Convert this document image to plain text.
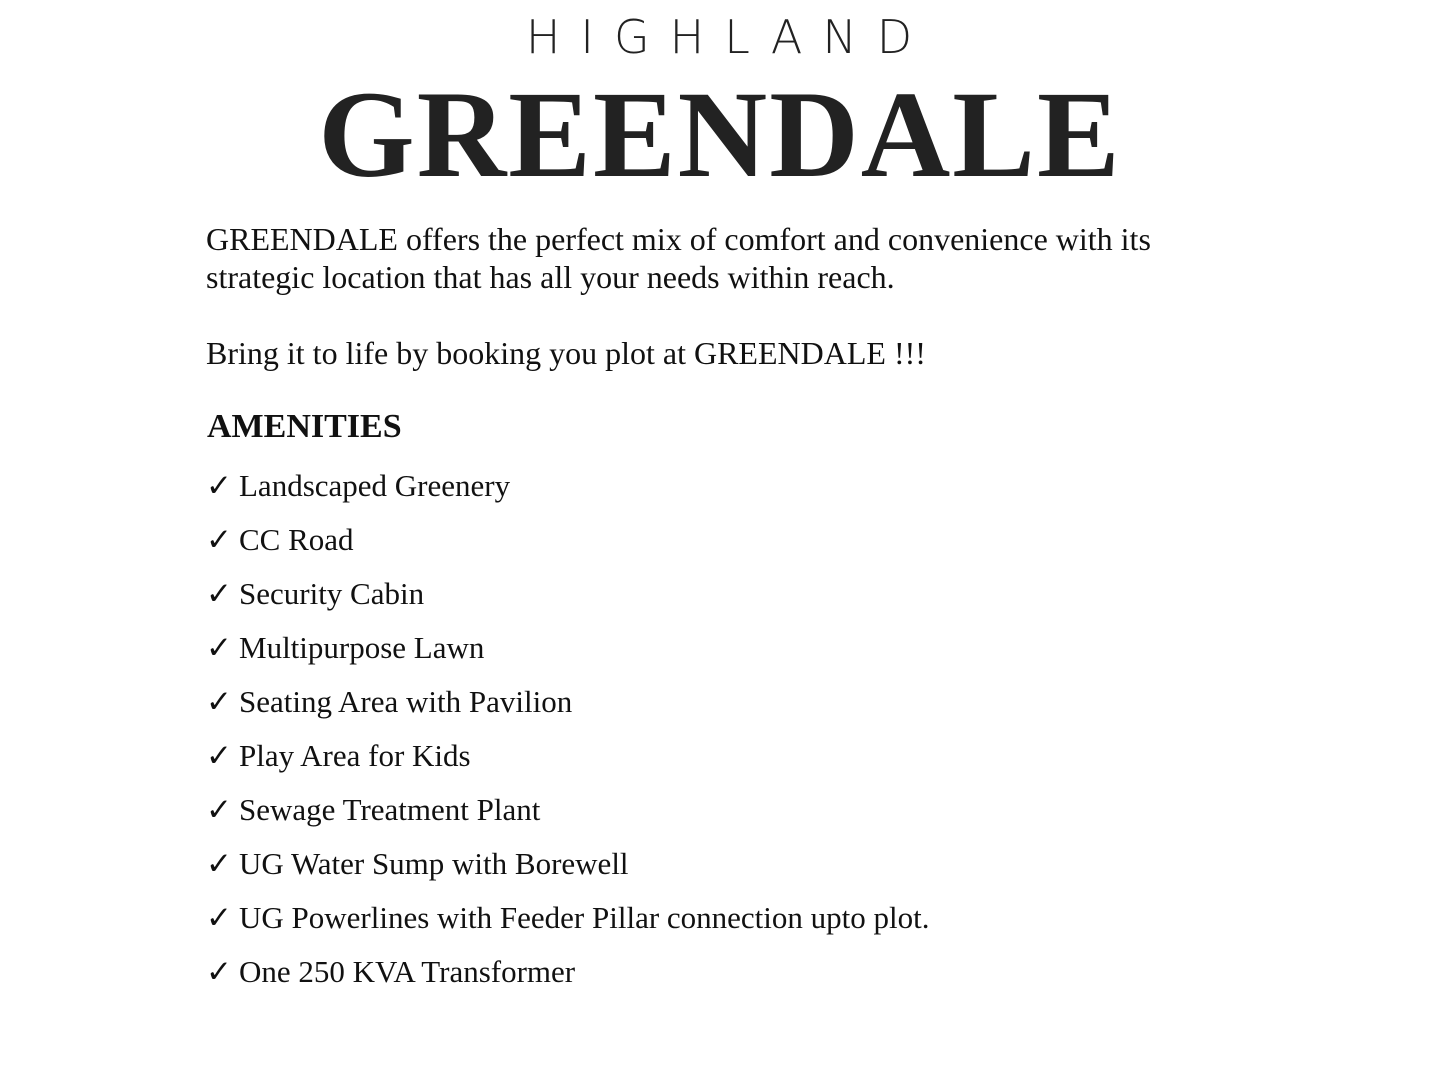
HIGHLAND
GREENDALE
GREENDALE offers the perfect mix of comfort and convenience with its
strategic location that has all your needs within reach.
Bring it to life by booking you plot at GREENDALE !!!
AMENITIES
✓ Landscaped Greenery
✓ CC Road
✓ Security Cabin
✓ Multipurpose Lawn
✓ Seating Area with Pavilion
✓ Play Area for Kids
✓ Sewage Treatment Plant
✓ UG Water Sump with Borewell
✓ UG Powerlines with Feeder Pillar connection upto plot.
✓ One 250 KVA Transformer
